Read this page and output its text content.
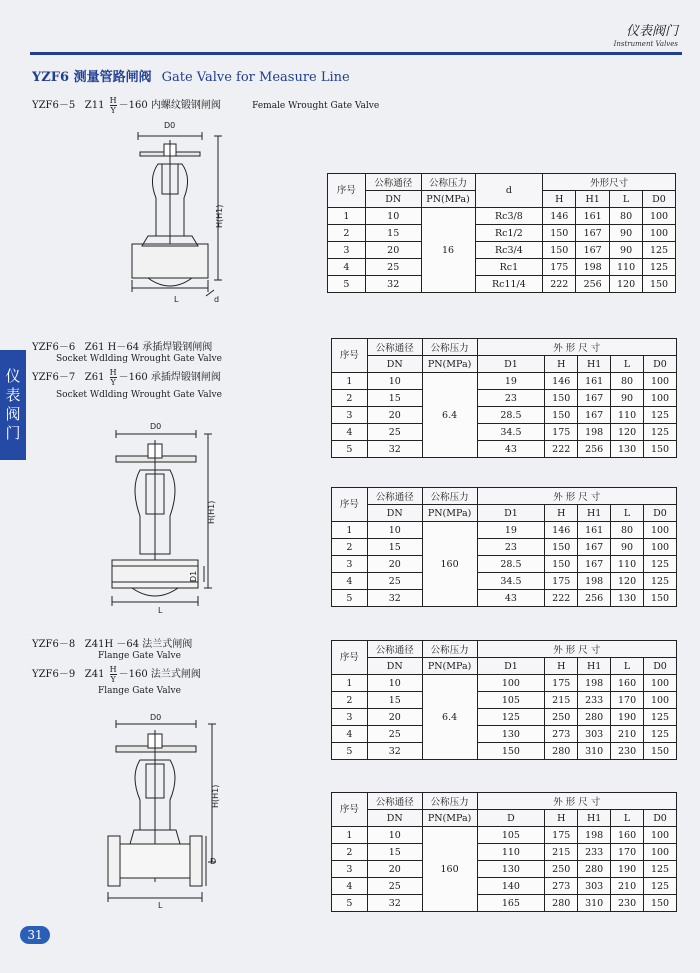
仪表阀门
Instrument Valves
YZF6 测量管路闸阀 Gate Valve for Measure Line
仪
表
阀
门
YZF6－5 $Z11 \frac{H}{Y} -160$ 内螺纹锻钢闸阀	Female Wrought Gate Valve
YZF6－6 Z61 H－64 承插焊锻钢闸阀
Socket Wdlding Wrought Gate Valve
YZF6－7 $Z61 \frac{H}{Y} -160$ 承插焊锻钢闸阀
Socket Wdlding Wrought Gate Valve
YZF6－8 Z41H －64 法兰式闸阀
Flange Gate Valve
YZF6－9 $Z41 \frac{H}{Y} -160$ 法兰式闸阀
Flange Gate Valve
D0
H(H1)
L	d
D0
H(H1)
D1
L
D0
H(H1)
D
L
序号	公称通径	公称压力	d	外形尺寸			
	DN	PN(MPa)		H	H1	L	D0
1	10	16	Rc3/8	146	161	80	100
2	15		Rc1/2	150	167	90	100
3	20		Rc3/4	150	167	90	125
4	25		Rc1	175	198	110	125
5	32		Rc11/4	222	256	120	150
序号	公称通径	公称压力	外 形 尺 寸				
	DN	PN(MPa)	D1	H	H1	L	D0
1	10	6.4	19	146	161	80	100
2	15		23	150	167	90	100
3	20		28.5	150	167	110	125
4	25		34.5	175	198	120	125
5	32		43	222	256	130	150
序号	公称通径	公称压力	外 形 尺 寸				
	DN	PN(MPa)	D1	H	H1	L	D0
1	10	160	19	146	161	80	100
2	15		23	150	167	90	100
3	20		28.5	150	167	110	125
4	25		34.5	175	198	120	125
5	32		43	222	256	130	150
序号	公称通径	公称压力	外 形 尺 寸				
	DN	PN(MPa)	D1	H	H1	L	D0
1	10	6.4	100	175	198	160	100
2	15		105	215	233	170	100
3	20		125	250	280	190	125
4	25		130	273	303	210	125
5	32		150	280	310	230	150
序号	公称通径	公称压力	外 形 尺 寸				
	DN	PN(MPa)	D	H	H1	L	D0
1	10	160	105	175	198	160	100
2	15		110	215	233	170	100
3	20		130	250	280	190	125
4	25		140	273	303	210	125
5	32		165	280	310	230	150
31
